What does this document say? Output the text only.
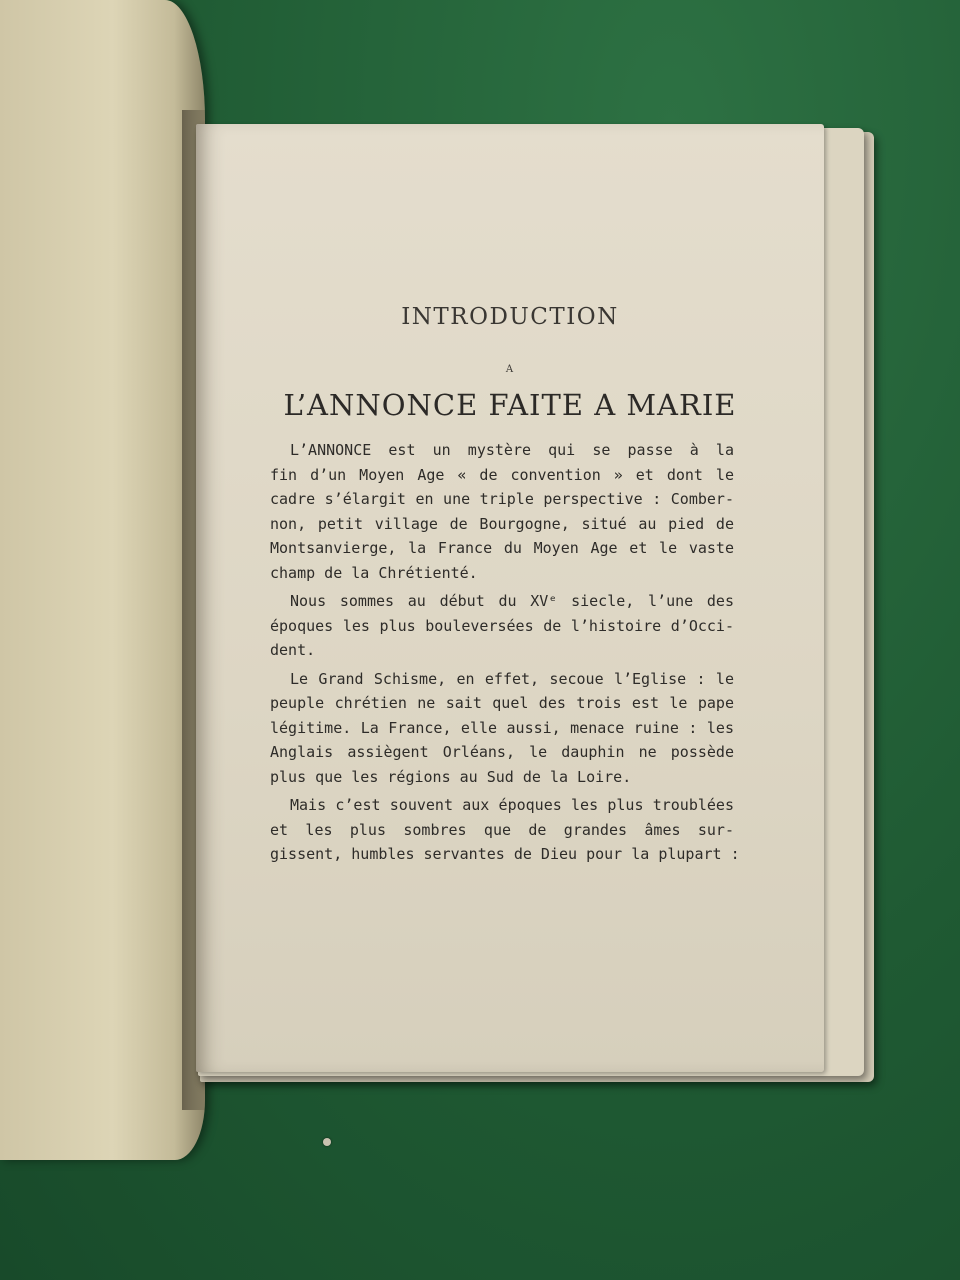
INTRODUCTION
A
L’ANNONCE FAITE A MARIE
L’ANNONCE est un mystère qui se passe à la
fin d’un Moyen Age « de convention » et dont le
cadre s’élargit en une triple perspective : Comber-
non, petit village de Bourgogne, situé au pied de
Montsanvierge, la France du Moyen Age et le vaste
champ de la Chrétienté.
Nous sommes au début du XVᵉ siecle, l’une des
époques les plus bouleversées de l’histoire d’Occi-
dent.
Le Grand Schisme, en effet, secoue l’Eglise : le
peuple chrétien ne sait quel des trois est le pape
légitime. La France, elle aussi, menace ruine : les
Anglais assiègent Orléans, le dauphin ne possède
plus que les régions au Sud de la Loire.
Mais c’est souvent aux époques les plus troublées
et les plus sombres que de grandes âmes sur-
gissent, humbles servantes de Dieu pour la plupart :
